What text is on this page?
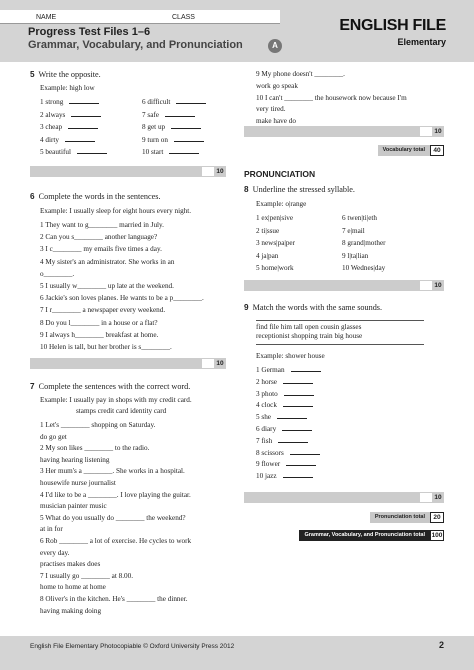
NAME	CLASS
Progress Test Files 1–6
Grammar, Vocabulary, and Pronunciation	A
ENGLISH FILE
Elementary
5 Write the opposite.
Example: high low
1 strong
2 always
3 cheap
4 dirty
5 beautiful
6 difficult
7 safe
8 get up
9 turn on
10 start
10
6 Complete the words in the sentences.
Example: I usually sleep for eight hours every night.
1 They want to g________ married in July.
2 Can you s________ another language?
3 I c________ my emails five times a day.
4 My sister's an administrator. She works in an
o________.
5 I usually w________ up late at the weekend.
6 Jackie's son loves planes. He wants to be a p________.
7 I r________ a newspaper every weekend.
8 Do you l________ in a house or a flat?
9 I always h________ breakfast at home.
10 Helen is tall, but her brother is s________.
10
7 Complete the sentences with the correct word.
Example: I usually pay in shops with my credit card.
stamps credit card identity card
1 Let's ________ shopping on Saturday.
do go get
2 My son likes ________ to the radio.
having hearing listening
3 Her mum's a ________. She works in a hospital.
housewife nurse journalist
4 I'd like to be a ________. I love playing the guitar.
musician painter music
5 What do you usually do ________ the weekend?
at in for
6 Rob ________ a lot of exercise. He cycles to work
every day.
practises makes does
7 I usually go ________ at 8.00.
home to home at home
8 Oliver's in the kitchen. He's ________ the dinner.
having making doing
9 My phone doesn't ________.
work go speak
10 I can't ________ the housework now because I'm
very tired.
make have do
10
Vocabulary total	40
PRONUNCIATION
8 Underline the stressed syllable.
Example: o|range
1 ex|pen|sive
2 ti|ssue
3 news|pa|per
4 ja|pan
5 home|work
6 twen|ti|eth
7 e|mail
8 grand|mother
9 l|ta|lian
10 Wednes|day
10
9 Match the words with the same sounds.
find file him tall open cousin glasses
receptionist shopping train big house
Example: shower house
1 German
2 horse
3 photo
4 clock
5 she
6 diary
7 fish
8 scissors
9 flower
10 jazz
10
Pronunciation total	20
Grammar, Vocabulary, and Pronunciation total	100
English File Elementary Photocopiable © Oxford University Press 2012	2
